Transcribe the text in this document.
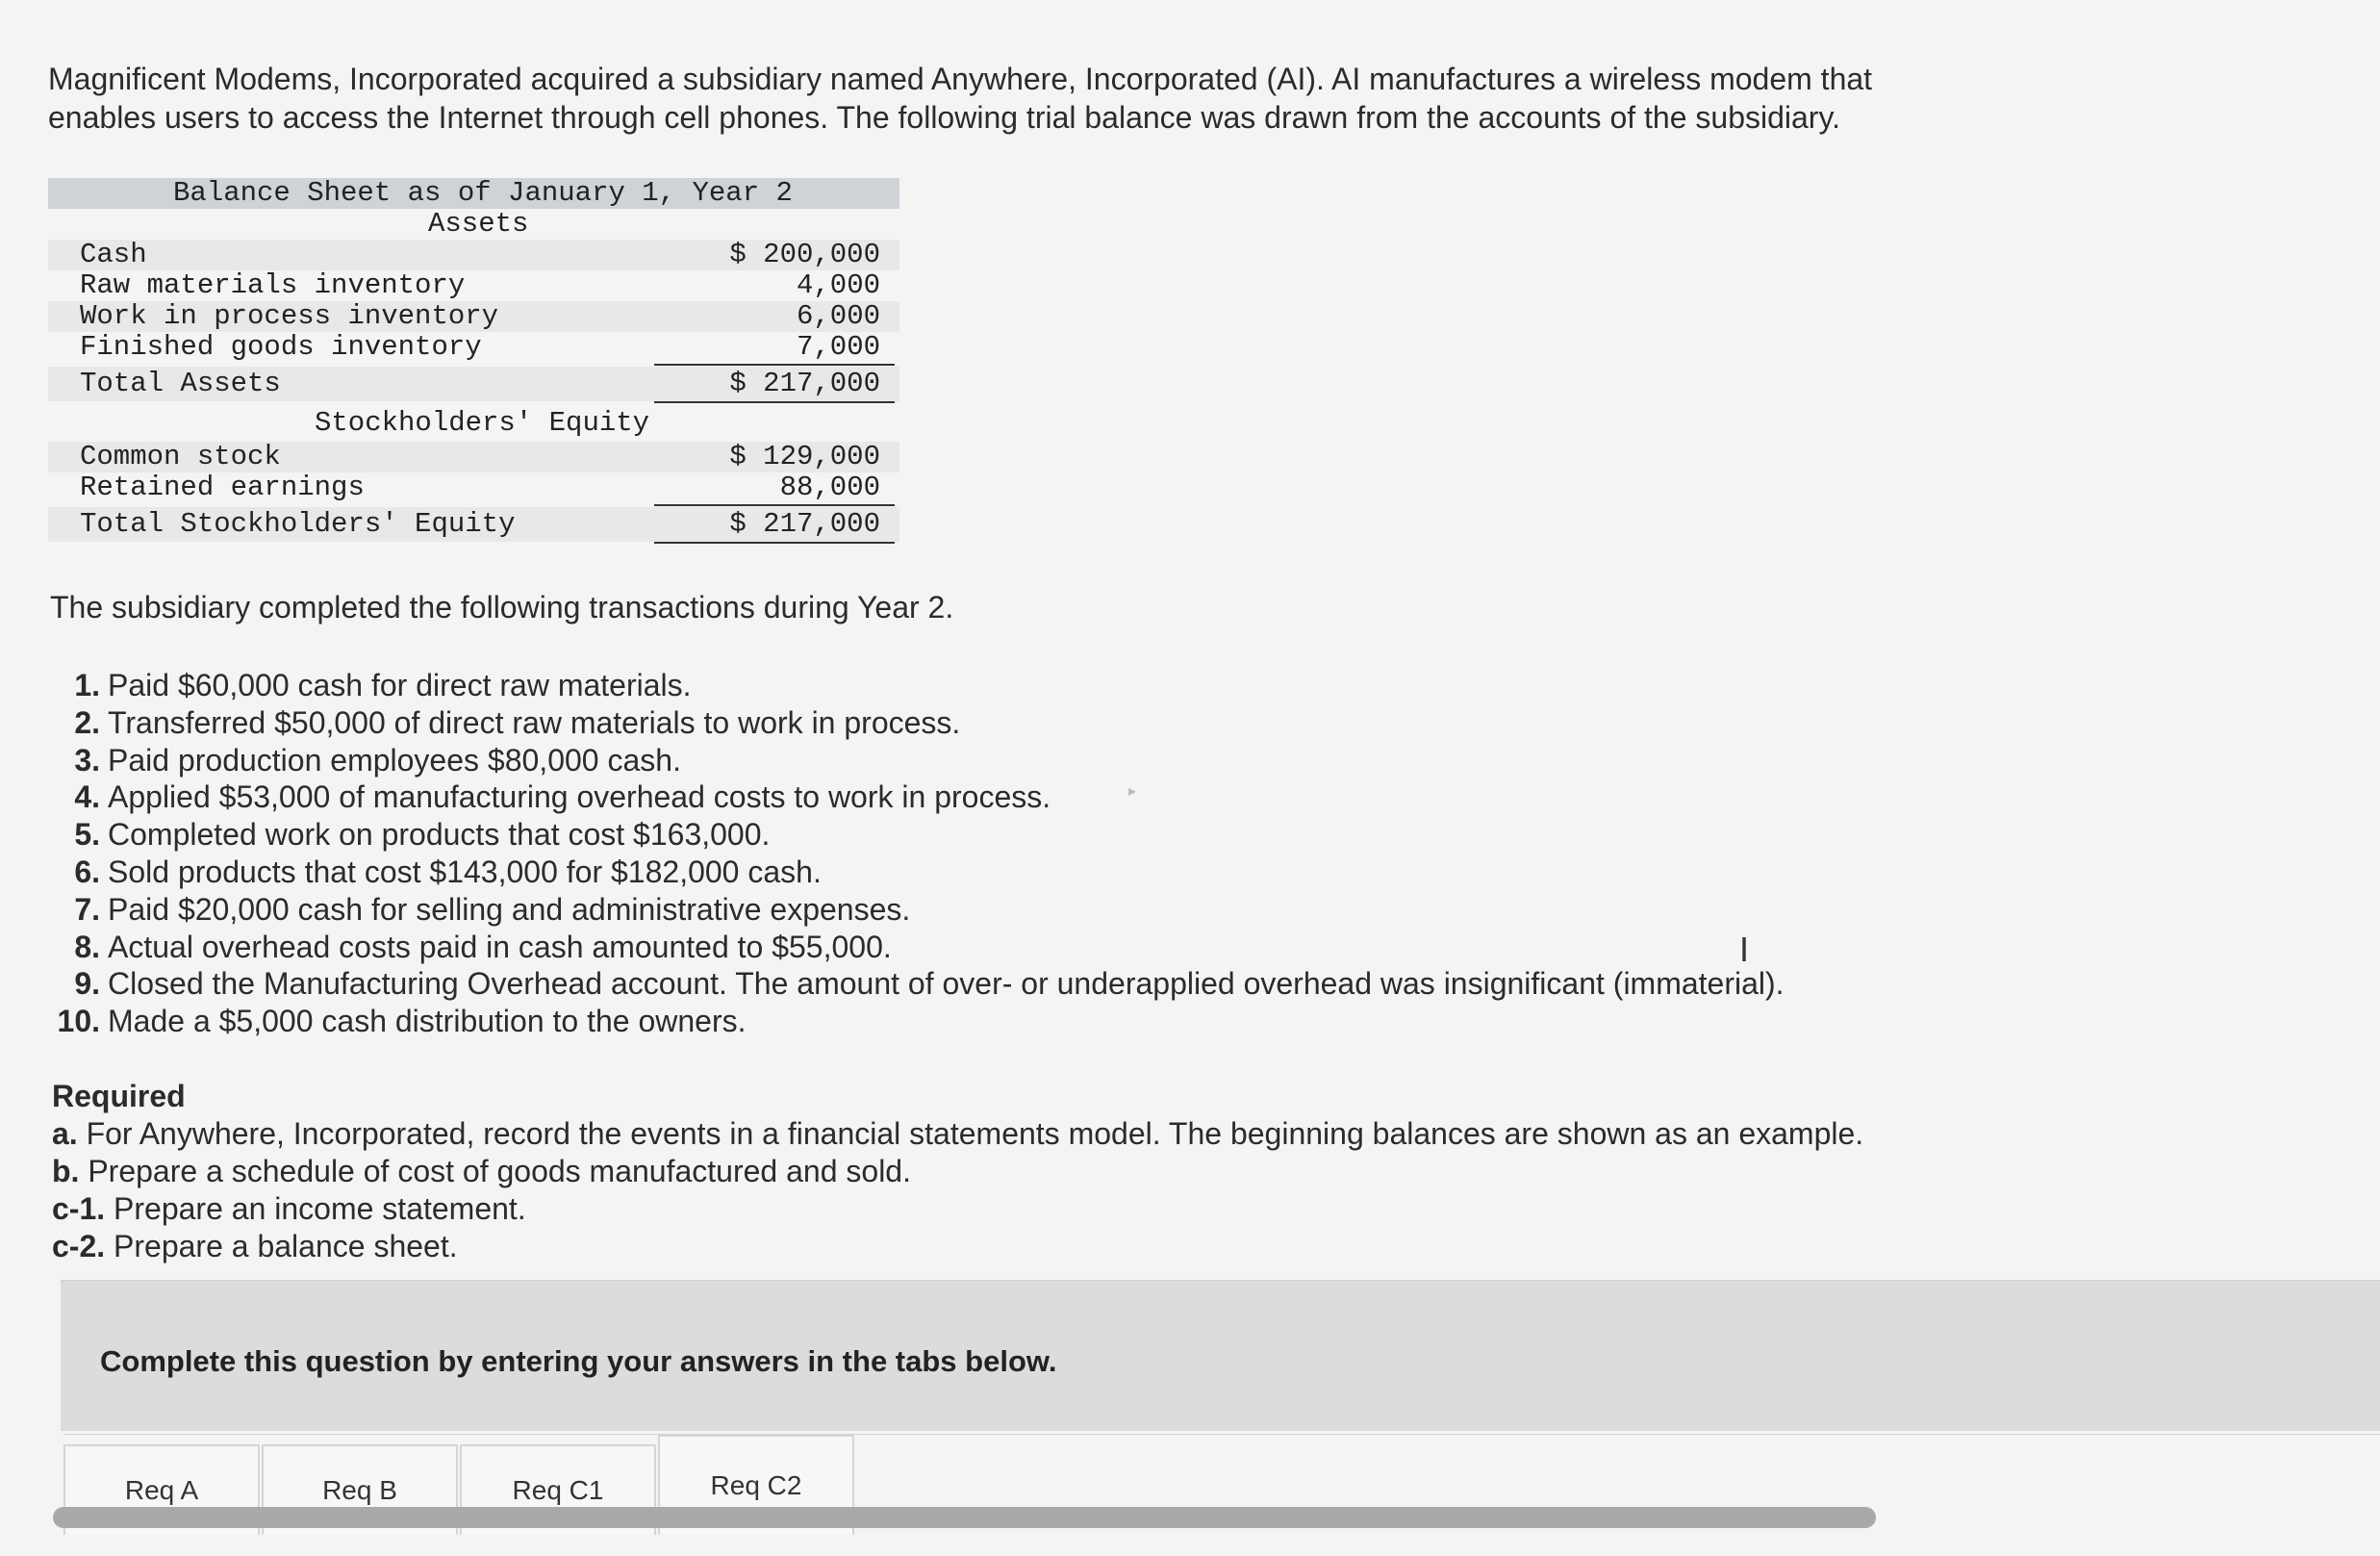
Magnificent Modems, Incorporated acquired a subsidiary named Anywhere, Incorporated (AI). AI manufactures a wireless modem that
enables users to access the Internet through cell phones. The following trial balance was drawn from the accounts of the subsidiary.
Balance Sheet as of January 1, Year 2
Assets
Cash	$ 200,000
Raw materials inventory	4,000
Work in process inventory	6,000
Finished goods inventory	7,000
Total Assets	$ 217,000
Stockholders' Equity
Common stock	$ 129,000
Retained earnings	88,000
Total Stockholders' Equity	$ 217,000
The subsidiary completed the following transactions during Year 2.
1. Paid $60,000 cash for direct raw materials.
2. Transferred $50,000 of direct raw materials to work in process.
3. Paid production employees $80,000 cash.
4. Applied $53,000 of manufacturing overhead costs to work in process.
5. Completed work on products that cost $163,000.
6. Sold products that cost $143,000 for $182,000 cash.
7. Paid $20,000 cash for selling and administrative expenses.
8. Actual overhead costs paid in cash amounted to $55,000.
9. Closed the Manufacturing Overhead account. The amount of over- or underapplied overhead was insignificant (immaterial).
10. Made a $5,000 cash distribution to the owners.
Required
a. For Anywhere, Incorporated, record the events in a financial statements model. The beginning balances are shown as an example.
b. Prepare a schedule of cost of goods manufactured and sold.
c-1. Prepare an income statement.
c-2. Prepare a balance sheet.
Complete this question by entering your answers in the tabs below.
Req A	Req B	Req C1	Req C2
I
▸
